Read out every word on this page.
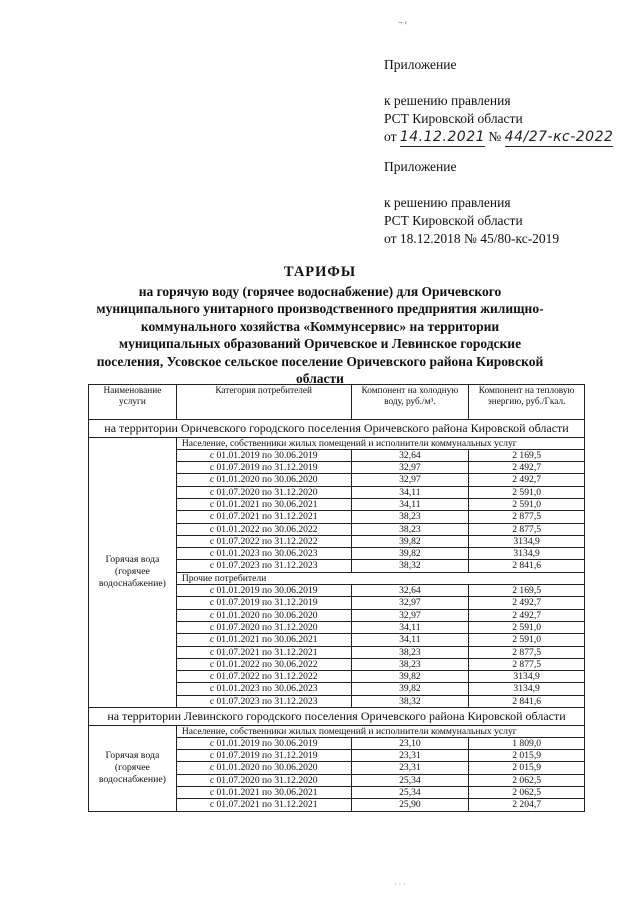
¬ ‹
Приложение
к решению правления
РСТ Кировской области
от 14.12.2021 № 44/27-кс-2022
Приложение
к решению правления
РСТ Кировской области
от 18.12.2018 № 45/80-кс-2019
ТАРИФЫ
на горячую воду (горячее водоснабжение) для Оричевского
муниципального унитарного производственного предприятия жилищно-
коммунального хозяйства «Коммунсервис» на территории
муниципальных образований Оричевское и Левинское городские
поселения, Усовское сельское поселение Оричевского района Кировской
области
Наименование услуги	Категория потребителей	Компонент на холодную воду, руб./м³.	Компонент на тепловую энергию, руб./Гкал.
на территории Оричевского городского поселения Оричевского района Кировской области			
Горячая вода (горячее водоснабжение)	Население, собственники жилых помещений и исполнители коммунальных услуг		
	с 01.01.2019 по 30.06.2019	32,64	2 169,5
	с 01.07.2019 по 31.12.2019	32,97	2 492,7
	с 01.01.2020 по 30.06.2020	32,97	2 492,7
	с 01.07.2020 по 31.12.2020	34,11	2 591,0
	с 01.01.2021 по 30.06.2021	34,11	2 591,0
	с 01.07.2021 по 31.12.2021	38,23	2 877,5
	с 01.01.2022 по 30.06.2022	38,23	2 877,5
	с 01.07.2022 по 31.12.2022	39,82	3134,9
	с 01.01.2023 по 30.06.2023	39,82	3134,9
	с 01.07.2023 по 31.12.2023	38,32	2 841,6
	Прочие потребители		
	с 01.01.2019 по 30.06.2019	32,64	2 169,5
	с 01.07.2019 по 31.12.2019	32,97	2 492,7
	с 01.01.2020 по 30.06.2020	32,97	2 492,7
	с 01.07.2020 по 31.12.2020	34,11	2 591,0
	с 01.01.2021 по 30.06.2021	34,11	2 591,0
	с 01.07.2021 по 31.12.2021	38,23	2 877,5
	с 01.01.2022 по 30.06.2022	38,23	2 877,5
	с 01.07.2022 по 31.12.2022	39,82	3134,9
	с 01.01.2023 по 30.06.2023	39,82	3134,9
	с 01.07.2023 по 31.12.2023	38,32	2 841,6
на территории Левинского городского поселения Оричевского района Кировской области			
Горячая вода (горячее водоснабжение)	Население, собственники жилых помещений и исполнители коммунальных услуг		
	с 01.01.2019 по 30.06.2019	23,10	1 809,0
	с 01.07.2019 по 31.12.2019	23,31	2 015,9
	с 01.01.2020 по 30.06.2020	23,31	2 015,9
	с 01.07.2020 по 31.12.2020	25,34	2 062,5
	с 01.01.2021 по 30.06.2021	25,34	2 062,5
	с 01.07.2021 по 31.12.2021	25,90	2 204,7
· · ·
